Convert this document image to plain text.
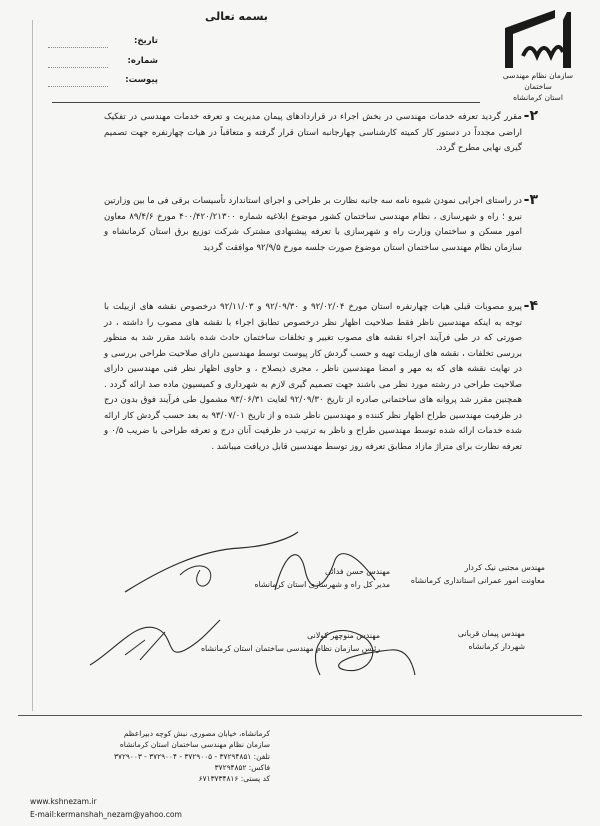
سازمان نظام مهندسی ساختمان
استان کرمانشاه
بسمه تعالی
تاریخ:
شماره:
پیوست:
۲-
مقرر گردید تعرفه خدمات مهندسی در بخش اجراء در قراردادهای پیمان مدیریت و تعرفه خدمات مهندسی در تفکیک اراضی مجدداً در دستور کار کمیته کارشناسی چهارجانبه استان قرار گرفته و متعاقباً در هیات چهارنفره جهت تصمیم گیری نهایی مطرح گردد.
۳-
در راستای اجرایی نمودن شیوه نامه سه جانبه نظارت بر طراحی و اجرای استاندارد تأسیسات برقی فی ما بین وزارتین نیرو ؛ راه و شهرسازی ، نظام مهندسی ساختمان کشور موضوع ابلاغیه شماره ۴۰۰/۴۲۰/۲۱۳۰۰ مورخ ۸۹/۴/۶ معاون امور مسکن و ساختمان وزارت راه و شهرسازی با تعرفه پیشنهادی مشترک شرکت توزیع برق استان کرمانشاه و سازمان نظام مهندسی ساختمان استان موضوع صورت جلسه مورخ ۹۲/۹/۵ موافقت گردید
۴-
پیرو مصوبات قبلی هیات چهارنفره استان مورخ ۹۲/۰۲/۰۴ و ۹۲/۰۹/۳۰ و ۹۲/۱۱/۰۳ درخصوص نقشه های ازبیلت با توجه به اینکه مهندسین ناظر فقط صلاحیت اظهار نظر درخصوص تطابق اجراء با نقشه های مصوب را داشته ، در صورتی که در طی فرآیند اجراء نقشه های مصوب تغییر و تخلفات ساختمان حادث شده باشد مقرر شد به منظور بررسی تخلفات ، نقشه های ازبیلت تهیه و حسب گردش کار پیوست توسط مهندسین دارای صلاحیت طراحی بررسی و در نهایت نقشه های که به مهر و امضا مهندسین ناظر ، مجری ذیصلاح ، و حاوی اظهار نظر فنی مهندسین دارای صلاحیت طراحی در رشته مورد نظر می باشند جهت تصمیم گیری لازم به شهرداری و کمیسیون ماده صد ارائه گردد . همچنین مقرر شد پروانه های ساختمانی صادره از تاریخ ۹۲/۰۹/۳۰ لغایت ۹۳/۰۶/۳۱ مشمول طی فرآیند فوق بدون درج در ظرفیت مهندسین طراح اظهار نظر کننده و مهندسین ناظر شده و از تاریخ ۹۳/۰۷/۰۱ به بعد حسب گردش کار ارائه شده خدمات ارائه شده توسط مهندسین طراح و ناظر به ترتیب در ظرفیت آنان درج و تعرفه طراحی با ضریب ۰/۵ و تعرفه نظارت برای متراژ مازاد مطابق تعرفه روز توسط مهندسین قابل دریافت میباشد .
مهندس حسن فدائی
مدیر کل راه و شهرسازی استان کرمانشاه
مهندس مجتبی نیک کردار
معاونت امور عمرانی استانداری کرمانشاه
مهندس منوچهر کولانی
رئیس سازمان نظام مهندسی ساختمان استان کرمانشاه
مهندس پیمان قربانی
شهردار کرمانشاه
کرمانشاه، خیابان مصوری، نبش کوچه دبیراعظم
سازمان نظام مهندسی ساختمان استان کرمانشاه
تلفن: ۳۷۲۹۴۸۵۱ - ۳۷۲۹۰۰۵ - ۳۷۲۹۰۰۴ - ۳۷۲۹۰۰۳
فاکس: ۳۷۲۹۴۸۵۲
کد پستی: ۶۷۱۳۷۳۴۸۱۶
www.kshnezam.ir
E-mail:kermanshah_nezam@yahoo.com
